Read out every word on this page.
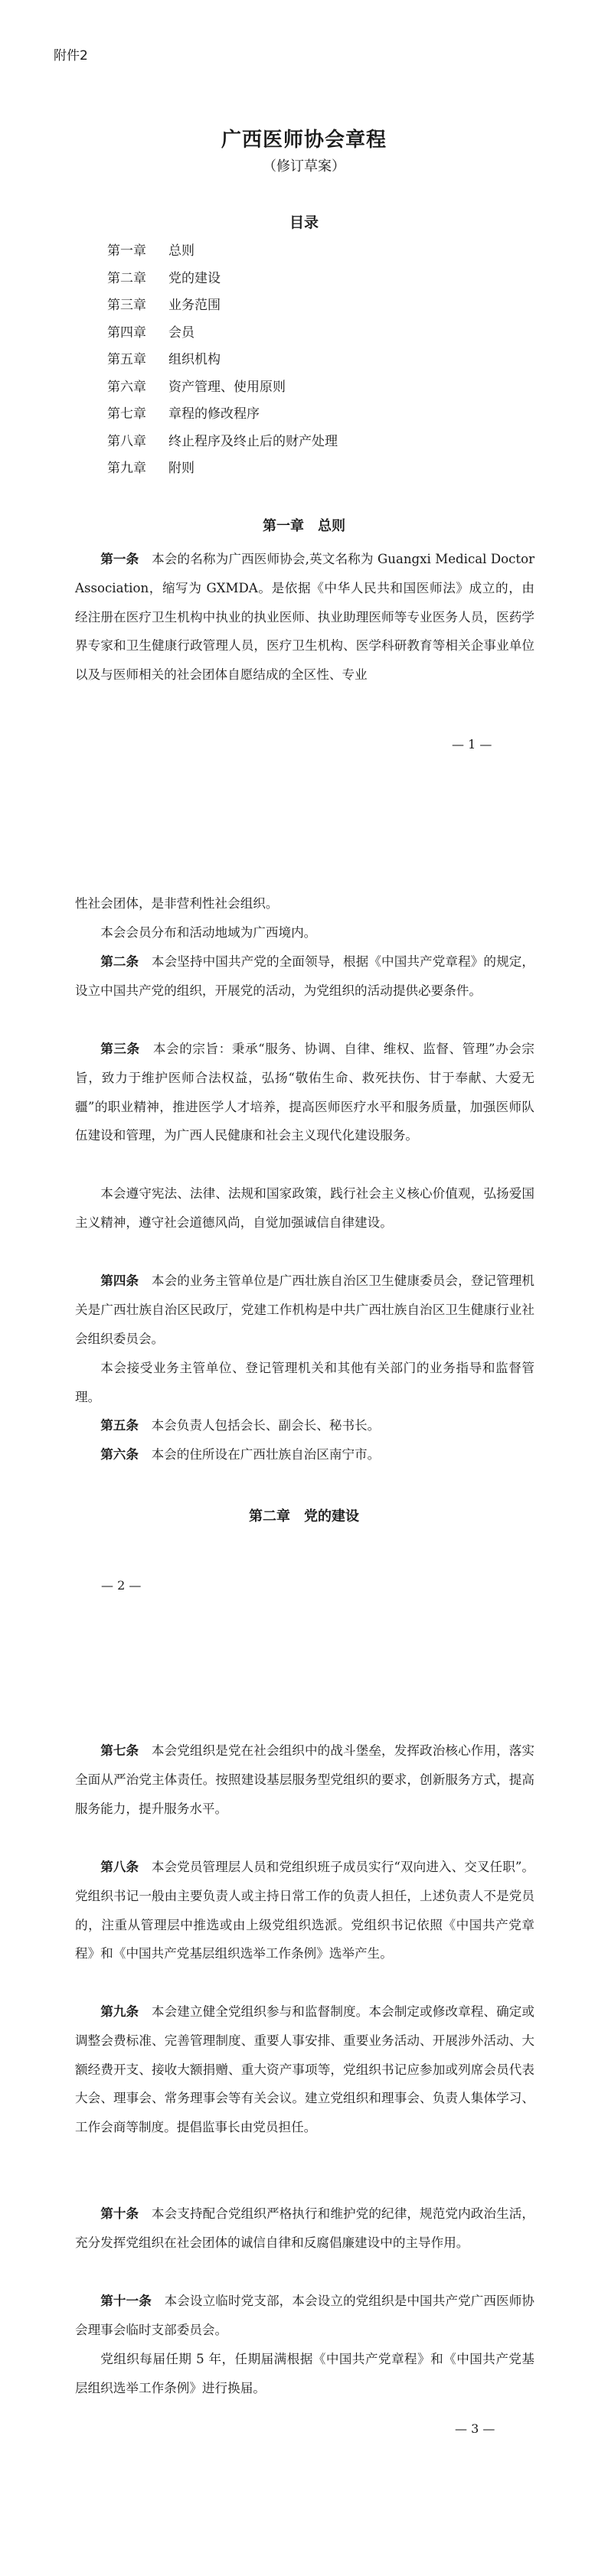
附件2
广西医师协会章程
（修订草案）
目录
第一章 总则
第二章 党的建设
第三章 业务范围
第四章 会员
第五章 组织机构
第六章 资产管理、使用原则
第七章 章程的修改程序
第八章 终止程序及终止后的财产处理
第九章 附则
第一章　总则

第一条　 本会的名称为广西医师协会,英文名称为 Guangxi Medical Doctor Association，缩写为 GXMDA。是依据《中华人民共和国医师法》成立的，由经注册在医疗卫生机构中执业的执业医师、执业助理医师等专业医务人员，医药学界专家和卫生健康行政管理人员，医疗卫生机构、医学科研教育等相关企事业单位以及与医师相关的社会团体自愿结成的全区性、专业

— 1 —

性社会团体，是非营利性社会组织。

本会会员分布和活动地域为广西境内。

第二条　 本会坚持中国共产党的全面领导，根据《中国共产党章程》的规定，设立中国共产党的组织，开展党的活动，为党组织的活动提供必要条件。

第三条　 本会的宗旨：秉承“服务、协调、自律、维权、监督、管理”办会宗旨，致力于维护医师合法权益，弘扬“敬佑生命、救死扶伤、甘于奉献、大爱无疆”的职业精神，推进医学人才培养，提高医师医疗水平和服务质量，加强医师队伍建设和管理，为广西人民健康和社会主义现代化建设服务。

本会遵守宪法、法律、法规和国家政策，践行社会主义核心价值观，弘扬爱国主义精神，遵守社会道德风尚，自觉加强诚信自律建设。

第四条　 本会的业务主管单位是广西壮族自治区卫生健康委员会，登记管理机关是广西壮族自治区民政厅，党建工作机构是中共广西壮族自治区卫生健康行业社会组织委员会。

本会接受业务主管单位、登记管理机关和其他有关部门的业务指导和监督管理。

第五条　 本会负责人包括会长、副会长、秘书长。

第六条　 本会的住所设在广西壮族自治区南宁市。

第二章　党的建设
— 2 —

第七条　 本会党组织是党在社会组织中的战斗堡垒，发挥政治核心作用，落实全面从严治党主体责任。按照建设基层服务型党组织的要求，创新服务方式，提高服务能力，提升服务水平。

第八条　 本会党员管理层人员和党组织班子成员实行“双向进入、交叉任职”。党组织书记一般由主要负责人或主持日常工作的负责人担任，上述负责人不是党员的，注重从管理层中推选或由上级党组织选派。党组织书记依照《中国共产党章程》和《中国共产党基层组织选举工作条例》选举产生。

第九条　 本会建立健全党组织参与和监督制度。本会制定或修改章程、确定或调整会费标准、完善管理制度、重要人事安排、重要业务活动、开展涉外活动、大额经费开支、接收大额捐赠、重大资产事项等，党组织书记应参加或列席会员代表大会、理事会、常务理事会等有关会议。建立党组织和理事会、负责人集体学习、工作会商等制度。提倡监事长由党员担任。

第十条　 本会支持配合党组织严格执行和维护党的纪律，规范党内政治生活，充分发挥党组织在社会团体的诚信自律和反腐倡廉建设中的主导作用。

第十一条　 本会设立临时党支部，本会设立的党组织是中国共产党广西医师协会理事会临时支部委员会。

党组织每届任期 5 年，任期届满根据《中国共产党章程》和《中国共产党基层组织选举工作条例》进行换届。

— 3 —
